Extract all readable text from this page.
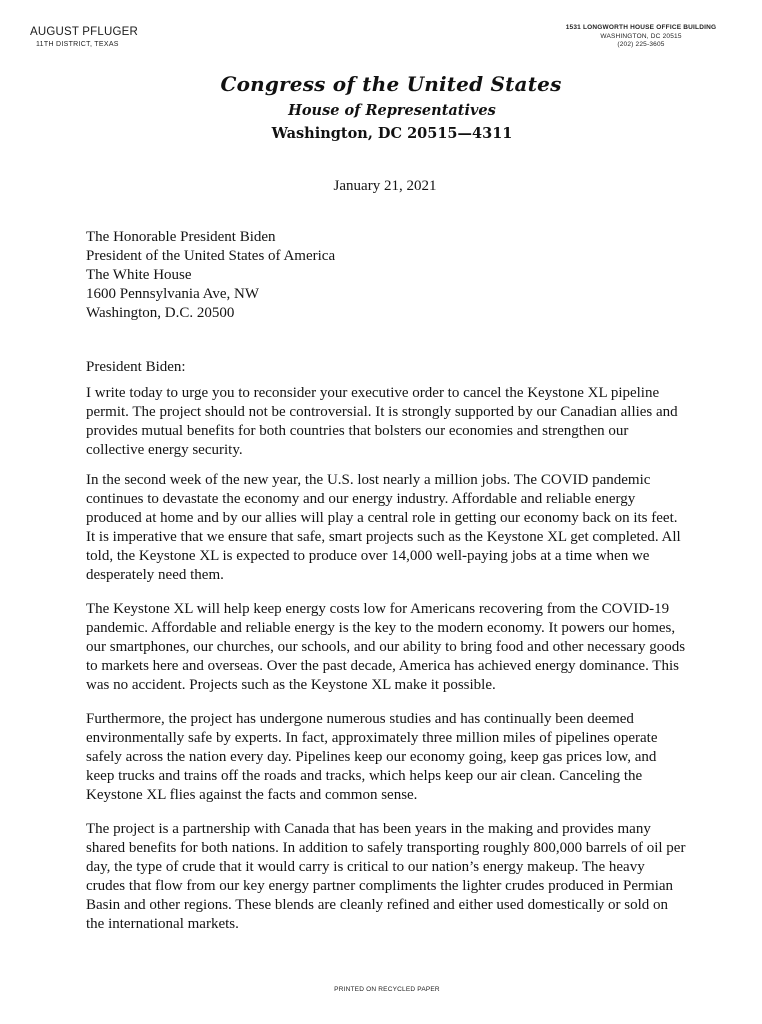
AUGUST PFLUGER
11TH DISTRICT, TEXAS
1531 LONGWORTH HOUSE OFFICE BUILDING
WASHINGTON, DC 20515
(202) 225-3605
Congress of the United States
House of Representatives
Washington, DC 20515—4311
January 21, 2021
The Honorable President Biden
President of the United States of America
The White House
1600 Pennsylvania Ave, NW
Washington, D.C. 20500
President Biden:

I write today to urge you to reconsider your executive order to cancel the Keystone XL pipeline permit. The project should not be controversial. It is strongly supported by our Canadian allies and provides mutual benefits for both countries that bolsters our economies and strengthen our collective energy security.

In the second week of the new year, the U.S. lost nearly a million jobs. The COVID pandemic continues to devastate the economy and our energy industry. Affordable and reliable energy produced at home and by our allies will play a central role in getting our economy back on its feet. It is imperative that we ensure that safe, smart projects such as the Keystone XL get completed. All told, the Keystone XL is expected to produce over 14,000 well-paying jobs at a time when we desperately need them.

The Keystone XL will help keep energy costs low for Americans recovering from the COVID-19 pandemic. Affordable and reliable energy is the key to the modern economy. It powers our homes, our smartphones, our churches, our schools, and our ability to bring food and other necessary goods to markets here and overseas. Over the past decade, America has achieved energy dominance. This was no accident. Projects such as the Keystone XL make it possible.

Furthermore, the project has undergone numerous studies and has continually been deemed environmentally safe by experts. In fact, approximately three million miles of pipelines operate safely across the nation every day. Pipelines keep our economy going, keep gas prices low, and keep trucks and trains off the roads and tracks, which helps keep our air clean. Canceling the Keystone XL flies against the facts and common sense.

The project is a partnership with Canada that has been years in the making and provides many shared benefits for both nations. In addition to safely transporting roughly 800,000 barrels of oil per day, the type of crude that it would carry is critical to our nation’s energy makeup. The heavy crudes that flow from our key energy partner compliments the lighter crudes produced in Permian Basin and other regions. These blends are cleanly refined and either used domestically or sold on the international markets.

PRINTED ON RECYCLED PAPER
